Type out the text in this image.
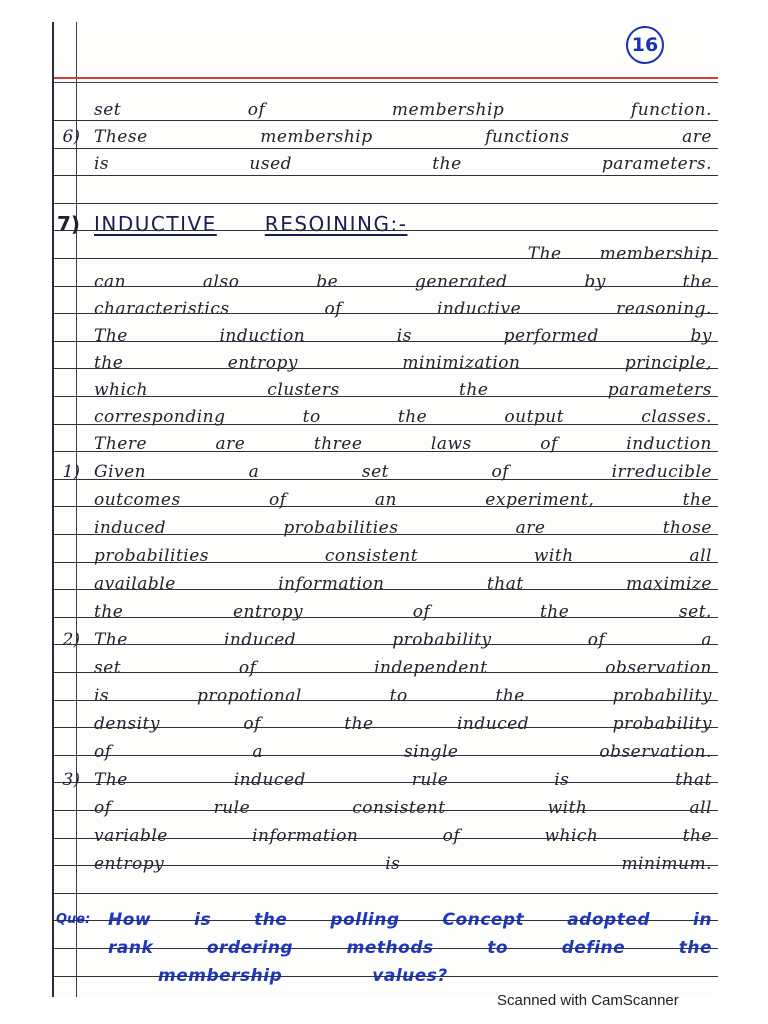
16
set	of	membership	function.
6) These	membership	functions	are
is	used	the	parameters.
7) INDUCTIVE RESOINING:-
The membership
can	also	be	generated	by	the
characteristics	of	inductive	reasoning.
The	induction	is	performed	by
the	entropy	minimization	principle,
which	clusters	the	parameters
corresponding	to	the	output	classes.
There	are	three	laws	of	induction
1) Given	a	set	of	irreducible
outcomes	of	an	experiment,	the
induced	probabilities	are	those
probabilities	consistent	with	all
available	information	that	maximize
the	entropy	of	the	set.
2) The	induced	probability	of	a
set	of	independent	observation
is	propotional	to	the	probability
density	of	the	induced	probability
of	a	single	observation.
3) The	induced	rule	is	that
of	rule	consistent	with	all
variable	information	of	which	the
entropy	is	minimum.
Que:	How	is	the	polling	Concept	adopted	in
rank	ordering	methods	to	define	the
membership	values?
Scanned with CamScanner
